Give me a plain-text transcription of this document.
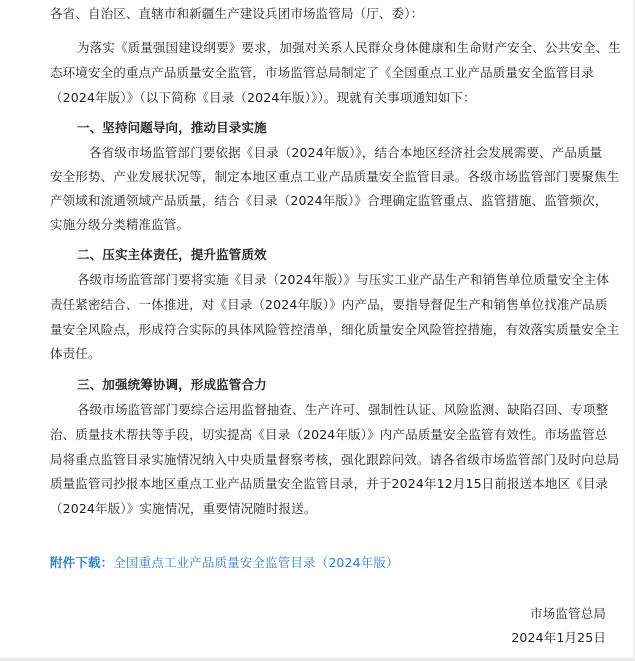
各省、自治区、直辖市和新疆生产建设兵团市场监管局（厅、委）：
为落实《质量强国建设纲要》要求，加强对关系人民群众身体健康和生命财产安全、公共安全、生
态环境安全的重点产品质量安全监管，市场监管总局制定了《全国重点工业产品质量安全监管目录
（2024年版）》（以下简称《目录（2024年版）》）。现就有关事项通知如下：
一、坚持问题导向，推动目录实施
各省级市场监管部门要依据《目录（2024年版）》，结合本地区经济社会发展需要、产品质量
安全形势、产业发展状况等，制定本地区重点工业产品质量安全监管目录。各级市场监管部门要聚焦生
产领域和流通领域产品质量，结合《目录（2024年版）》合理确定监管重点、监管措施、监管频次，
实施分级分类精准监管。
二、压实主体责任，提升监管质效
各级市场监管部门要将实施《目录（2024年版）》与压实工业产品生产和销售单位质量安全主体
责任紧密结合、一体推进，对《目录（2024年版）》内产品，要指导督促生产和销售单位找准产品质
量安全风险点，形成符合实际的具体风险管控清单，细化质量安全风险管控措施，有效落实质量安全主
体责任。
三、加强统筹协调，形成监管合力
各级市场监管部门要综合运用监督抽查、生产许可、强制性认证、风险监测、缺陷召回、专项整
治、质量技术帮扶等手段，切实提高《目录（2024年版）》内产品质量安全监管有效性。市场监管总
局将重点监管目录实施情况纳入中央质量督察考核，强化跟踪问效。请各省级市场监管部门及时向总局
质量监管司抄报本地区重点工业产品质量安全监管目录，并于2024年12月15日前报送本地区《目录
（2024年版）》实施情况，重要情况随时报送。
附件下载：全国重点工业产品质量安全监管目录（2024年版）
市场监管总局
2024年1月25日
